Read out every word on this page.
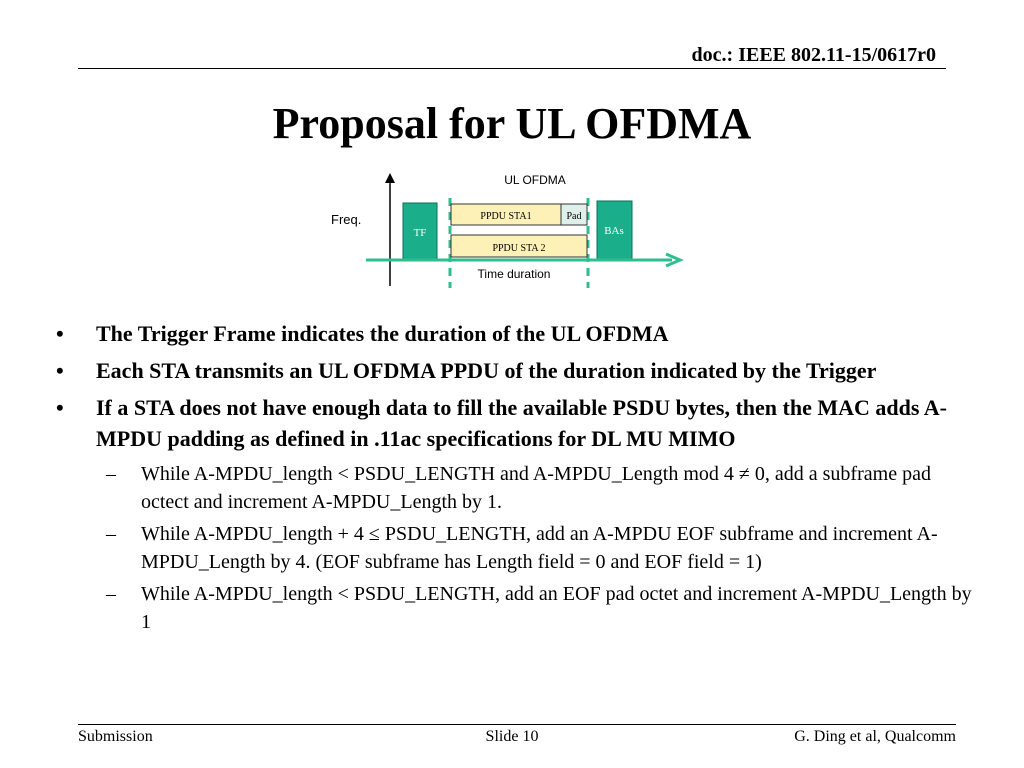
doc.: IEEE 802.11-15/0617r0
Proposal for UL OFDMA
UL OFDMA
Freq.
TF
PPDU STA1	Pad
PPDU STA 2
BAs
Time duration
• The Trigger Frame indicates the duration of the UL OFDMA
• Each STA transmits an UL OFDMA PPDU of the duration indicated by the Trigger
• If a STA does not have enough data to fill the available PSDU bytes, then the MAC adds A-MPDU padding as defined in .11ac specifications for DL MU MIMO
– While A-MPDU_length < PSDU_LENGTH and A-MPDU_Length mod 4 ≠ 0, add a subframe pad octect and increment A-MPDU_Length by 1.
– While A-MPDU_length + 4 ≤ PSDU_LENGTH, add an A-MPDU EOF subframe and increment A-MPDU_Length by 4. (EOF subframe has Length field = 0 and EOF field = 1)
– While A-MPDU_length < PSDU_LENGTH, add an EOF pad octet and increment A-MPDU_Length by 1
Submission	Slide 10	G. Ding et al, Qualcomm
